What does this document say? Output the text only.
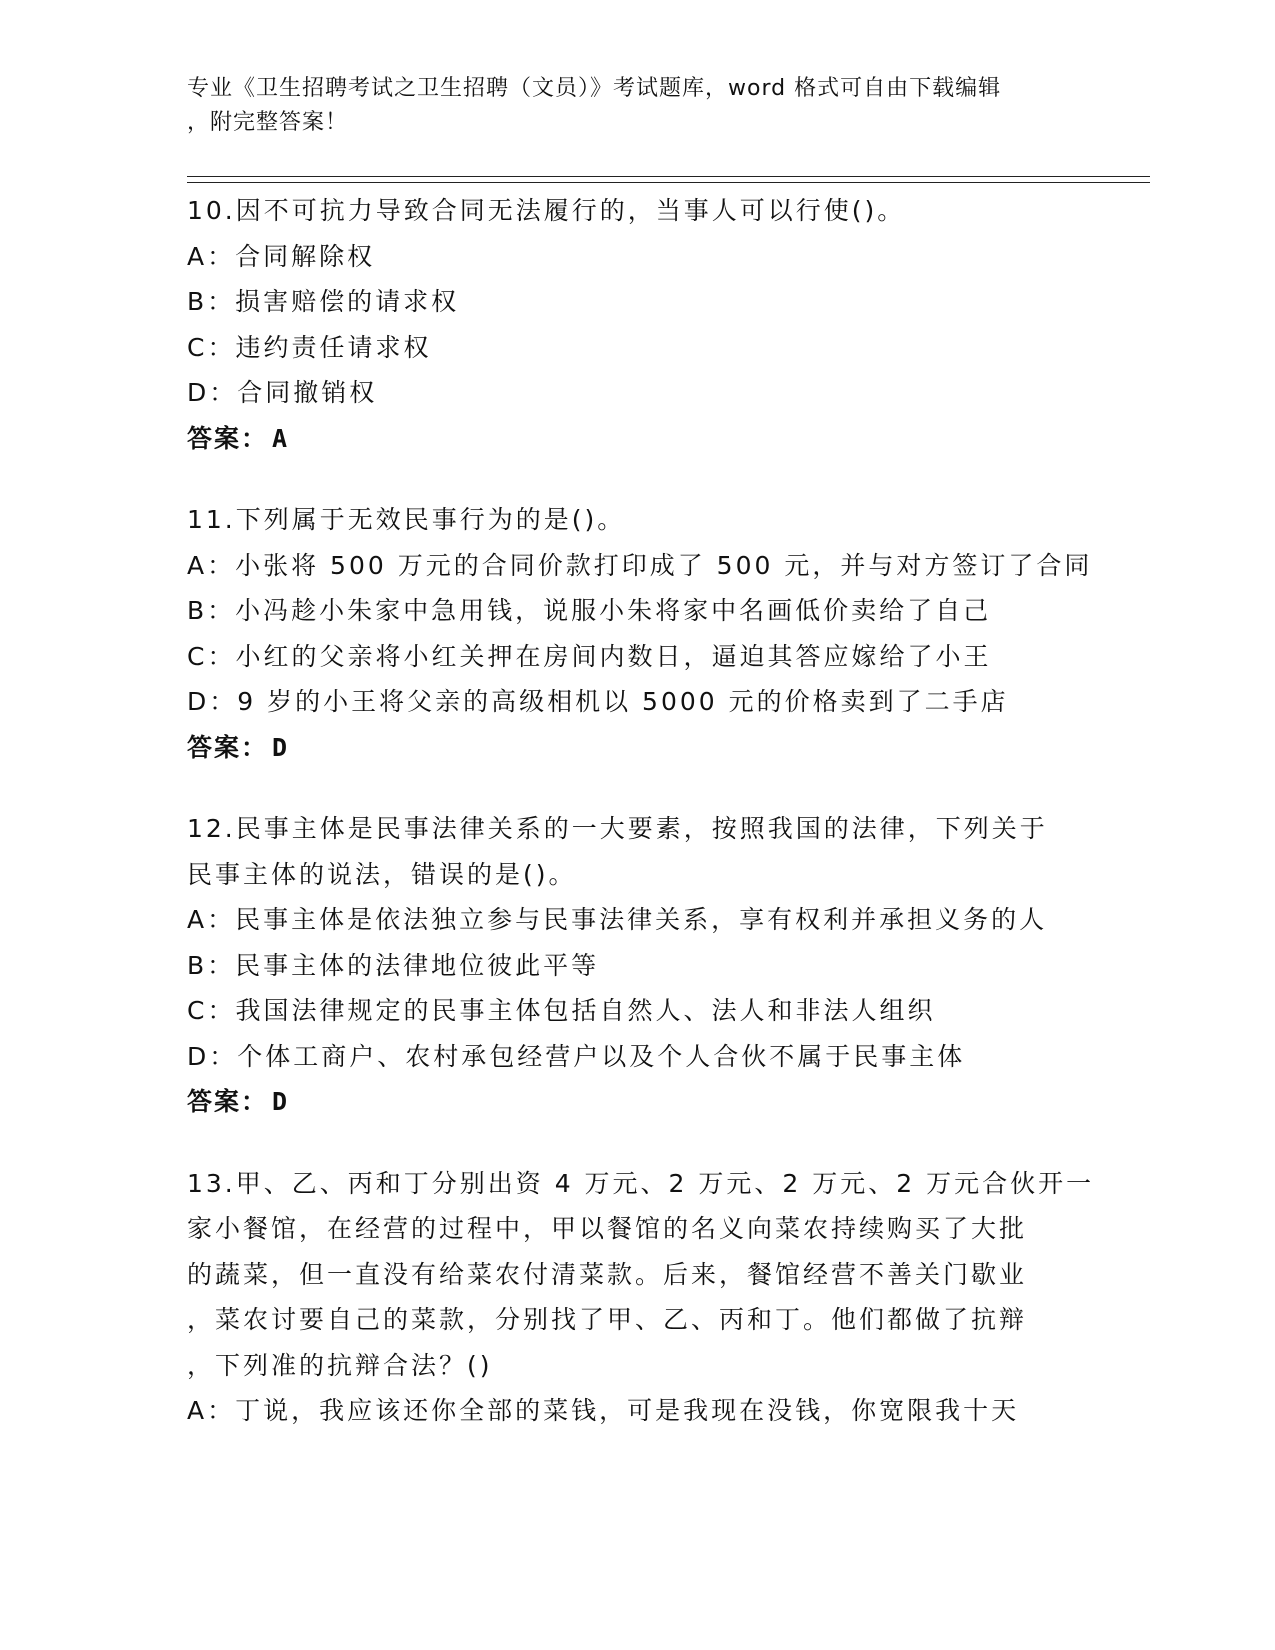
专业《卫生招聘考试之卫生招聘（文员）》考试题库，word 格式可自由下载编辑
，附完整答案！

10.因不可抗力导致合同无法履行的，当事人可以行使()。

A：合同解除权

B：损害赔偿的请求权

C：违约责任请求权

D：合同撤销权

答案： A

11.下列属于无效民事行为的是()。

A：小张将 500 万元的合同价款打印成了 500 元，并与对方签订了合同

B：小冯趁小朱家中急用钱，说服小朱将家中名画低价卖给了自己

C：小红的父亲将小红关押在房间内数日，逼迫其答应嫁给了小王

D：9 岁的小王将父亲的高级相机以 5000 元的价格卖到了二手店

答案： D

12.民事主体是民事法律关系的一大要素，按照我国的法律，下列关于

民事主体的说法，错误的是()。

A：民事主体是依法独立参与民事法律关系，享有权利并承担义务的人

B：民事主体的法律地位彼此平等

C：我国法律规定的民事主体包括自然人、法人和非法人组织

D：个体工商户、农村承包经营户以及个人合伙不属于民事主体

答案： D

13.甲、乙、丙和丁分别出资 4 万元、2 万元、2 万元、2 万元合伙开一

家小餐馆，在经营的过程中，甲以餐馆的名义向菜农持续购买了大批

的蔬菜，但一直没有给菜农付清菜款。后来，餐馆经营不善关门歇业

，菜农讨要自己的菜款，分别找了甲、乙、丙和丁。他们都做了抗辩

，下列准的抗辩合法？()

A：丁说，我应该还你全部的菜钱，可是我现在没钱，你宽限我十天
